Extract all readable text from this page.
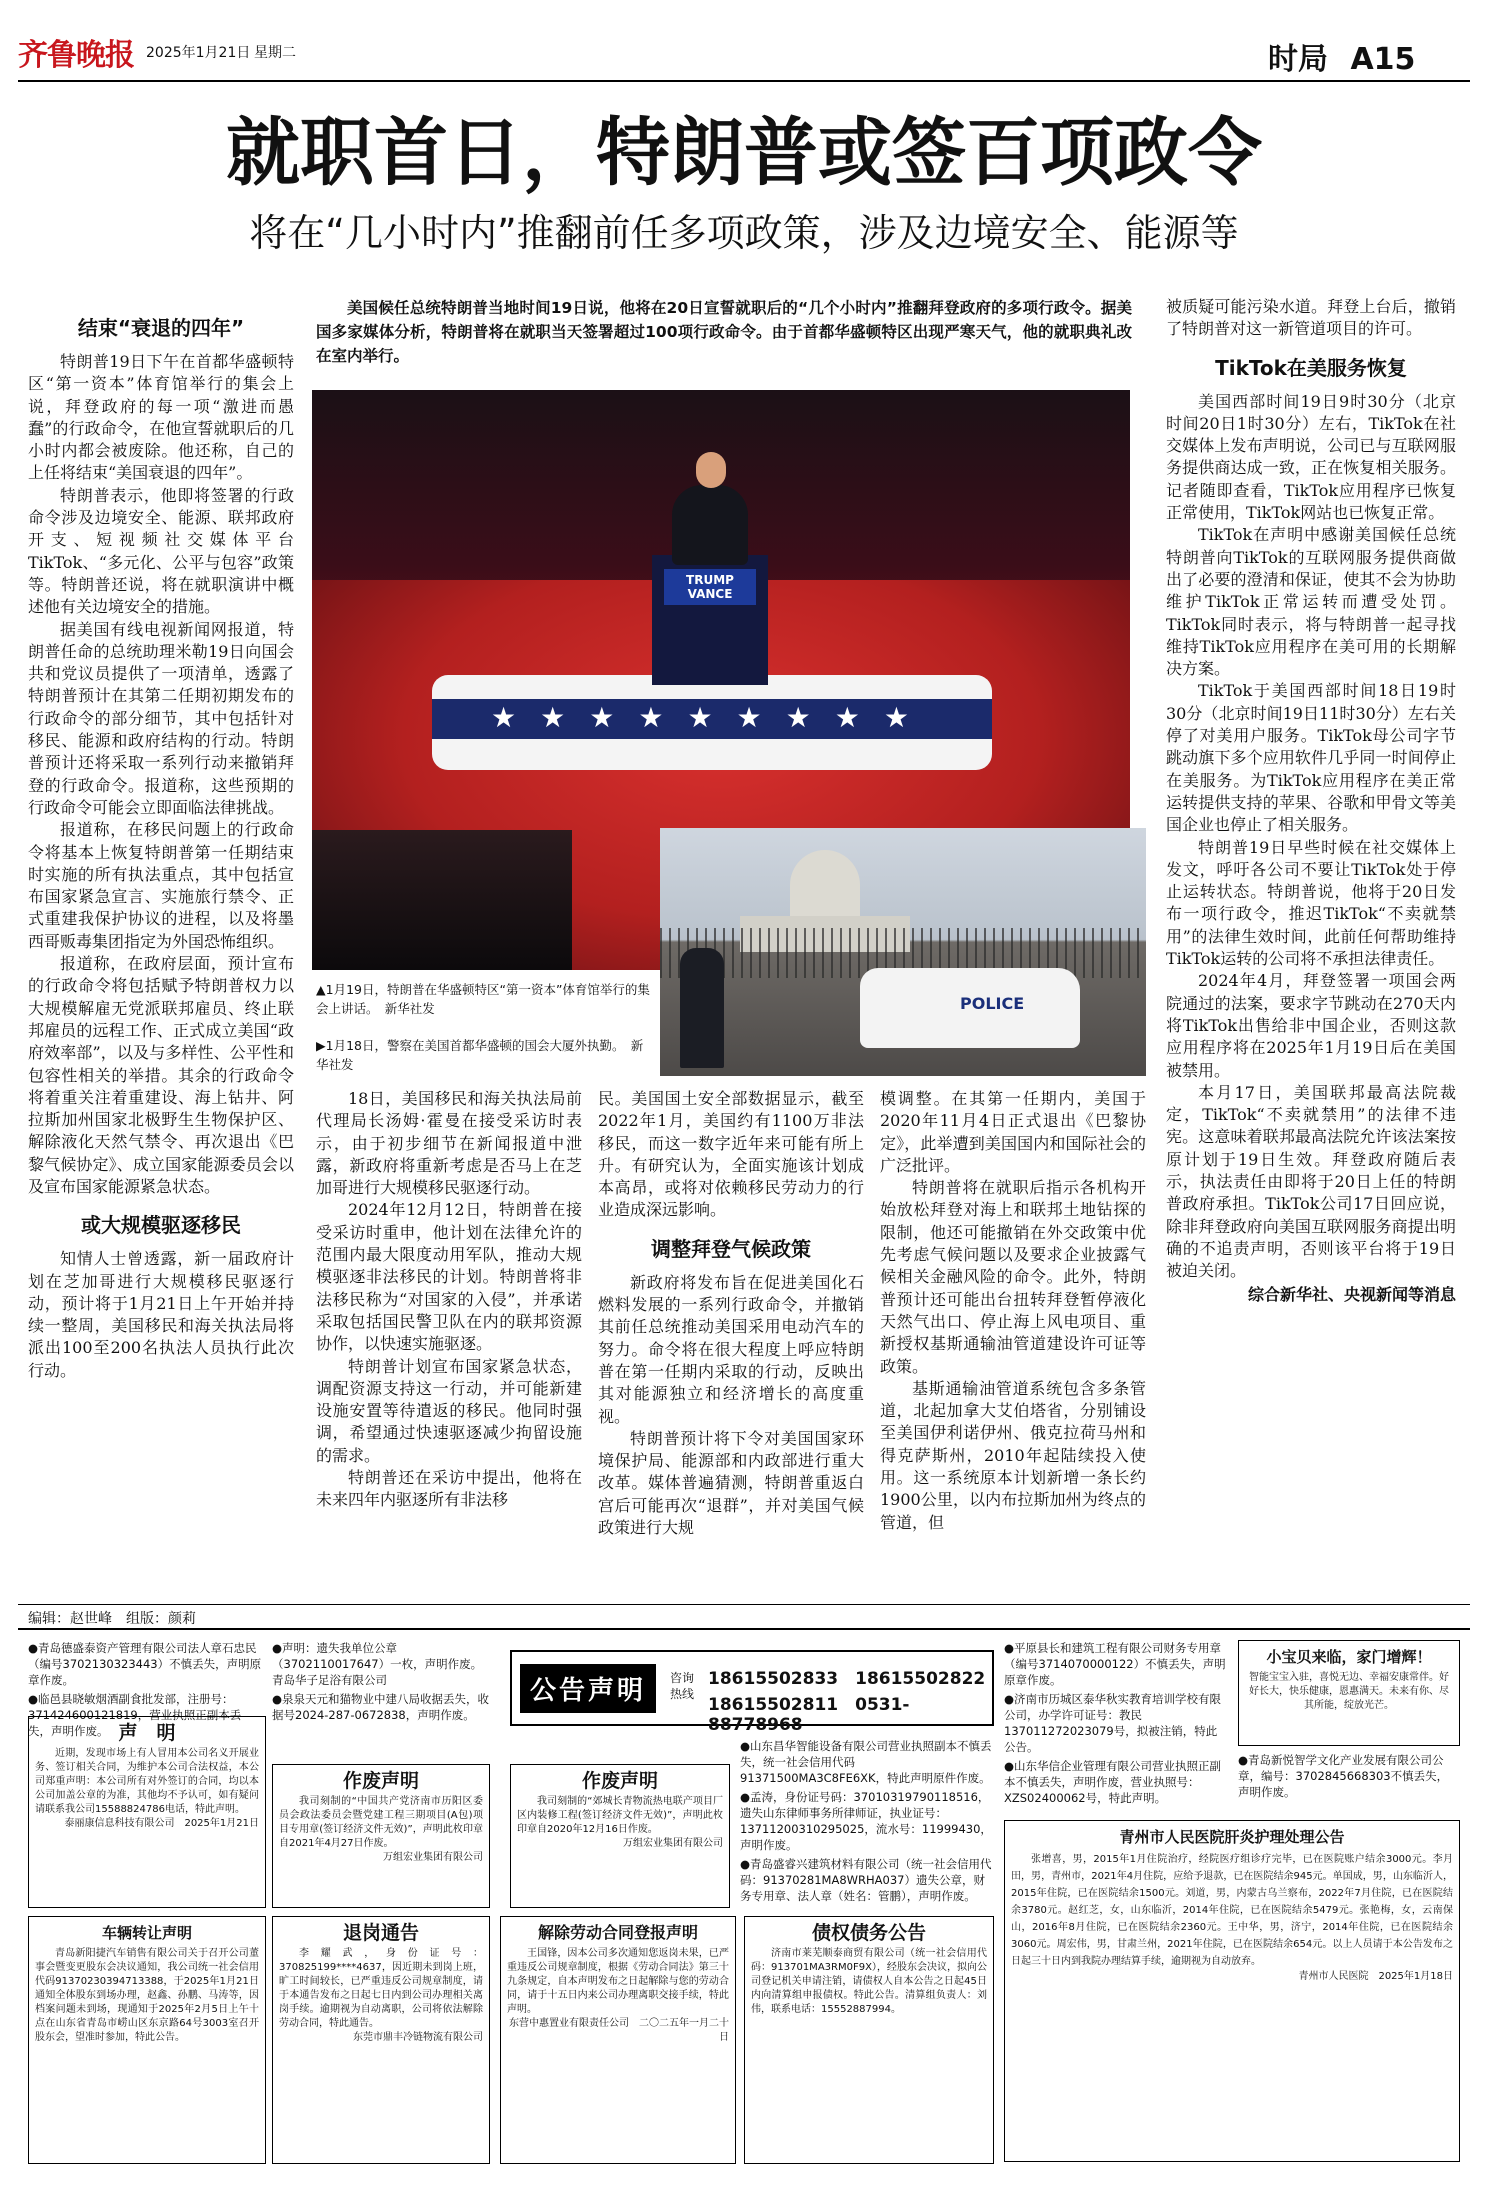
齐鲁晚报 2025年1月21日 星期二	时局 A15
就职首日，特朗普或签百项政令
将在“几小时内”推翻前任多项政策，涉及边境安全、能源等
结束“衰退的四年”

特朗普19日下午在首都华盛顿特区“第一资本”体育馆举行的集会上说，拜登政府的每一项“激进而愚蠢”的行政命令，在他宣誓就职后的几小时内都会被废除。他还称，自己的上任将结束“美国衰退的四年”。

特朗普表示，他即将签署的行政命令涉及边境安全、能源、联邦政府开支、短视频社交媒体平台TikTok、“多元化、公平与包容”政策等。特朗普还说，将在就职演讲中概述他有关边境安全的措施。

据美国有线电视新闻网报道，特朗普任命的总统助理米勒19日向国会共和党议员提供了一项清单，透露了特朗普预计在其第二任期初期发布的行政命令的部分细节，其中包括针对移民、能源和政府结构的行动。特朗普预计还将采取一系列行动来撤销拜登的行政命令。报道称，这些预期的行政命令可能会立即面临法律挑战。

报道称，在移民问题上的行政命令将基本上恢复特朗普第一任期结束时实施的所有执法重点，其中包括宣布国家紧急宣言、实施旅行禁令、正式重建我保护协议的进程，以及将墨西哥贩毒集团指定为外国恐怖组织。

报道称，在政府层面，预计宣布的行政命令将包括赋予特朗普权力以大规模解雇无党派联邦雇员、终止联邦雇员的远程工作、正式成立美国“政府效率部”，以及与多样性、公平性和包容性相关的举措。其余的行政命令将着重关注着重建设、海上钻井、阿拉斯加州国家北极野生生物保护区、解除液化天然气禁令、再次退出《巴黎气候协定》、成立国家能源委员会以及宣布国家能源紧急状态。

或大规模驱逐移民

知情人士曾透露，新一届政府计划在芝加哥进行大规模移民驱逐行动，预计将于1月21日上午开始并持续一整周，美国移民和海关执法局将派出100至200名执法人员执行此次行动。

美国候任总统特朗普当地时间19日说，他将在20日宣誓就职后的“几个小时内”推翻拜登政府的多项行政令。据美国多家媒体分析，特朗普将在就职当天签署超过100项行政命令。由于首都华盛顿特区出现严寒天气，他的就职典礼改在室内举行。
★★★★★★★★★
TRUMP VANCE
POLICE
▲1月19日，特朗普在华盛顿特区“第一资本”体育馆举行的集会上讲话。　新华社发
▶1月18日，警察在美国首都华盛顿的国会大厦外执勤。　新华社发

18日，美国移民和海关执法局前代理局长汤姆·霍曼在接受采访时表示，由于初步细节在新闻报道中泄露，新政府将重新考虑是否马上在芝加哥进行大规模移民驱逐行动。

2024年12月12日，特朗普在接受采访时重申，他计划在法律允许的范围内最大限度动用军队，推动大规模驱逐非法移民的计划。特朗普将非法移民称为“对国家的入侵”，并承诺采取包括国民警卫队在内的联邦资源协作，以快速实施驱逐。

特朗普计划宣布国家紧急状态，调配资源支持这一行动，并可能新建设施安置等待遣返的移民。他同时强调，希望通过快速驱逐减少拘留设施的需求。

特朗普还在采访中提出，他将在未来四年内驱逐所有非法移

民。美国国土安全部数据显示，截至2022年1月，美国约有1100万非法移民，而这一数字近年来可能有所上升。有研究认为，全面实施该计划成本高昂，或将对依赖移民劳动力的行业造成深远影响。

调整拜登气候政策

新政府将发布旨在促进美国化石燃料发展的一系列行政命令，并撤销其前任总统推动美国采用电动汽车的努力。命令将在很大程度上呼应特朗普在第一任期内采取的行动，反映出其对能源独立和经济增长的高度重视。

特朗普预计将下令对美国国家环境保护局、能源部和内政部进行重大改革。媒体普遍猜测，特朗普重返白宫后可能再次“退群”，并对美国气候政策进行大规

模调整。在其第一任期内，美国于2020年11月4日正式退出《巴黎协定》，此举遭到美国国内和国际社会的广泛批评。

特朗普将在就职后指示各机构开始放松拜登对海上和联邦土地钻探的限制，他还可能撤销在外交政策中优先考虑气候问题以及要求企业披露气候相关金融风险的命令。此外，特朗普预计还可能出台扭转拜登暂停液化天然气出口、停止海上风电项目、重新授权基斯通输油管道建设许可证等政策。

基斯通输油管道系统包含多条管道，北起加拿大艾伯塔省，分别铺设至美国伊利诺伊州、俄克拉荷马州和得克萨斯州，2010年起陆续投入使用。这一系统原本计划新增一条长约1900公里，以内布拉斯加州为终点的管道，但

被质疑可能污染水道。拜登上台后，撤销了特朗普对这一新管道项目的许可。

TikTok在美服务恢复

美国西部时间19日9时30分（北京时间20日1时30分）左右，TikTok在社交媒体上发布声明说，公司已与互联网服务提供商达成一致，正在恢复相关服务。记者随即查看，TikTok应用程序已恢复正常使用，TikTok网站也已恢复正常。

TikTok在声明中感谢美国候任总统特朗普向TikTok的互联网服务提供商做出了必要的澄清和保证，使其不会为协助维护TikTok正常运转而遭受处罚。TikTok同时表示，将与特朗普一起寻找维持TikTok应用程序在美可用的长期解决方案。

TikTok于美国西部时间18日19时30分（北京时间19日11时30分）左右关停了对美用户服务。TikTok母公司字节跳动旗下多个应用软件几乎同一时间停止在美服务。为TikTok应用程序在美正常运转提供支持的苹果、谷歌和甲骨文等美国企业也停止了相关服务。

特朗普19日早些时候在社交媒体上发文，呼吁各公司不要让TikTok处于停止运转状态。特朗普说，他将于20日发布一项行政令，推迟TikTok“不卖就禁用”的法律生效时间，此前任何帮助维持TikTok运转的公司将不承担法律责任。

2024年4月，拜登签署一项国会两院通过的法案，要求字节跳动在270天内将TikTok出售给非中国企业，否则这款应用程序将在2025年1月19日后在美国被禁用。

本月17日，美国联邦最高法院裁定，TikTok“不卖就禁用”的法律不违宪。这意味着联邦最高法院允许该法案按原计划于19日生效。拜登政府随后表示，执法责任由即将于20日上任的特朗普政府承担。TikTok公司17日回应说，除非拜登政府向美国互联网服务商提出明确的不追责声明，否则该平台将于19日被迫关闭。

综合新华社、央视新闻等消息
编辑：赵世峰　组版：颜莉
●青岛德盛泰资产管理有限公司法人章石忠民（编号3702130323443）不慎丢失，声明原章作废。
●临邑县晓敏烟酒副食批发部，注册号：371424600121819，营业执照正副本丢失，声明作废。 声　明
近期，发现市场上有人冒用本公司名义开展业务、签订相关合同，为维护本公司合法权益，本公司郑重声明：本公司所有对外签订的合同，均以本公司加盖公章的为准，其他均不予认可，如有疑问请联系我公司15588824786电话，特此声明。
泰丽康信息科技有限公司　2025年1月21日
●声明：遗失我单位公章（3702110017647）一枚，声明作废。　青岛华子足浴有限公司
●泉泉天元和猫物业中建八局收据丢失，收据号2024-287-0672838，声明作废。
作废声明
我司刻制的“中国共产党济南市历阳区委员会政法委员会暨党建工程三期项目(A包)项目专用章(签订经济文件无效)”，声明此枚印章自2021年4月27日作废。
万组宏业集团有限公司
公告声明	咨询热线
18615502833　18615502822
18615502811　0531-88778968
作废声明
我司刻制的“郊城长青物流热电联产项目厂区内装修工程(签订经济文件无效)”，声明此枚印章自2020年12月16日作废。
万组宏业集团有限公司
●山东昌华智能设备有限公司营业执照副本不慎丢失，统一社会信用代码91371500MA3C8FE6XK，特此声明原件作废。
●孟涛，身份证号码：37010319790118516，遗失山东律师事务所律师证，执业证号：13711200310295025，流水号：11999430，声明作废。
●青岛盛睿兴建筑材料有限公司（统一社会信用代码：91370281MA8WRHA037）遗失公章，财务专用章、法人章（姓名：管鹏），声明作废。
●平原县长和建筑工程有限公司财务专用章（编号3714070000122）不慎丢失，声明原章作废。
●济南市历城区泰华秋实教育培训学校有限公司，办学许可证号：教民137011272023079号，拟被注销，特此公告。
●山东华信企业管理有限公司营业执照正副本不慎丢失，声明作废，营业执照号：XZS02400062号，特此声明。
小宝贝来临，家门增辉！
智能宝宝入驻，喜悦无边、幸福安康常伴。好好长大，快乐健康，恩惠满天。未来有你、尽其所能，绽放光芒。
●青岛新悦智学文化产业发展有限公司公章，编号：3702845668303不慎丢失，声明作废。
青州市人民医院肝炎护理处理公告
张增喜，男，2015年1月住院治疗，经院医疗组诊疗完毕，已在医院账户结余3000元。李月田，男，青州市，2021年4月住院，应给予退款，已在医院结余945元。单国成，男，山东临沂人，2015年住院，已在医院结余1500元。刘道，男，内蒙古乌兰察布，2022年7月住院，已在医院结余3780元。赵红芝，女，山东临沂，2014年住院，已在医院结余5479元。张艳梅，女，云南保山，2016年8月住院，已在医院结余2360元。王中华，男，济宁，2014年住院，已在医院结余3060元。周宏伟，男，甘肃兰州，2021年住院，已在医院结余654元。以上人员请于本公告发布之日起三十日内到我院办理结算手续，逾期视为自动放弃。
青州市人民医院　2025年1月18日
车辆转让声明
青岛新阳捷汽车销售有限公司关于召开公司董事会暨变更股东会决议通知，我公司统一社会信用代码91370230394713388，于2025年1月21日通知全体股东到场办理，赵鑫、孙鹏、马涛等，因档案问题未到场，现通知于2025年2月5日上午十点在山东省青岛市崂山区东京路64号3003室召开股东会，望准时参加，特此公告。
退岗通告
李耀武，身份证号：370825199****4637，因近期未到岗上班，旷工时间较长，已严重违反公司规章制度，请于本通告发布之日起七日内到公司办理相关离岗手续。逾期视为自动离职，公司将依法解除劳动合同，特此通告。
东莞市鼎丰冷链物流有限公司
解除劳动合同登报声明
王国锋，因本公司多次通知您返岗未果，已严重违反公司规章制度，根据《劳动合同法》第三十九条规定，自本声明发布之日起解除与您的劳动合同，请于十五日内来公司办理离职交接手续，特此声明。
东营中惠置业有限责任公司　二〇二五年一月二十日
债权债务公告
济南市莱芜顺泰商贸有限公司（统一社会信用代码：913701MA3RM0F9X），经股东会决议，拟向公司登记机关申请注销，请债权人自本公告之日起45日内向清算组申报债权。特此公告。清算组负责人：刘伟，联系电话：15552887994。
